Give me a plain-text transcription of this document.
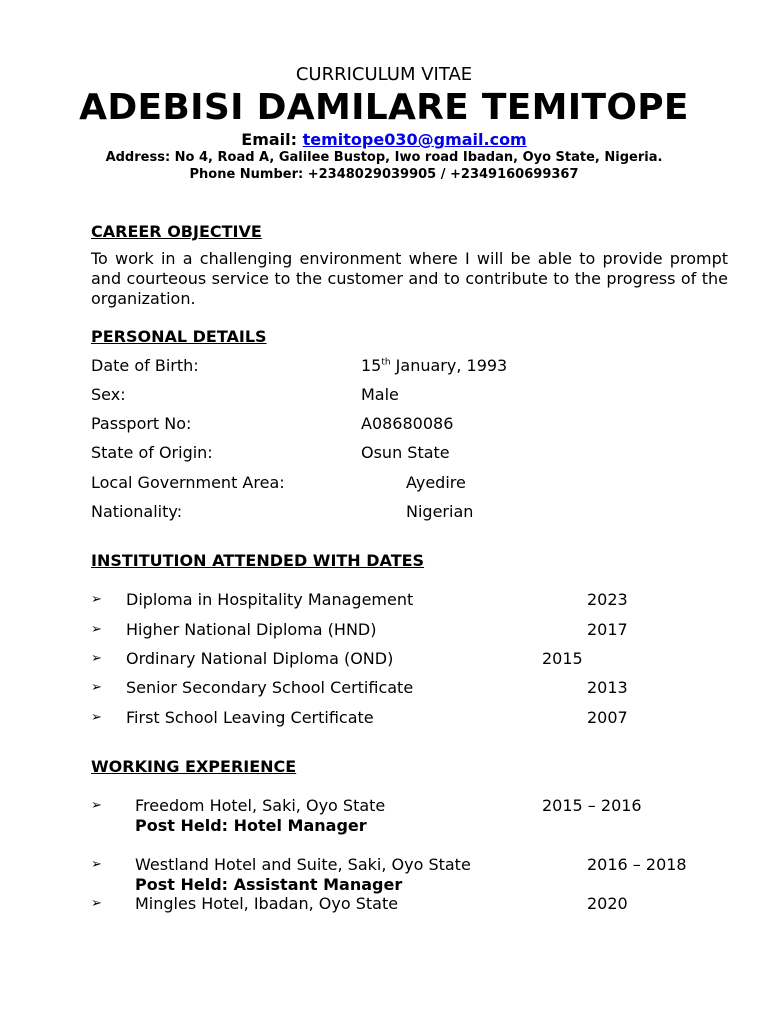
CURRICULUM VITAE
ADEBISI DAMILARE TEMITOPE
Email: temitope030@gmail.com
Address: No 4, Road A, Galilee Bustop, Iwo road Ibadan, Oyo State, Nigeria.
Phone Number: +2348029039905 / +2349160699367
CAREER OBJECTIVE
To work in a challenging environment where I will be able to provide prompt and courteous service to the customer and to contribute to the progress of the organization.
PERSONAL DETAILS
Date of Birth:	15th January, 1993
Sex:	Male
Passport No:	A08680086
State of Origin:	Osun State
Local Government Area:	Ayedire
Nationality:	Nigerian
INSTITUTION ATTENDED WITH DATES
➢ Diploma in Hospitality Management	2023
➢ Higher National Diploma (HND)	2017
➢ Ordinary National Diploma (OND)	2015
➢ Senior Secondary School Certificate	2013
➢ First School Leaving Certificate	2007
WORKING EXPERIENCE
➢ Freedom Hotel, Saki, Oyo State	2015 – 2016
Post Held: Hotel Manager
➢ Westland Hotel and Suite, Saki, Oyo State	2016 – 2018
Post Held: Assistant Manager
➢ Mingles Hotel, Ibadan, Oyo State	2020
